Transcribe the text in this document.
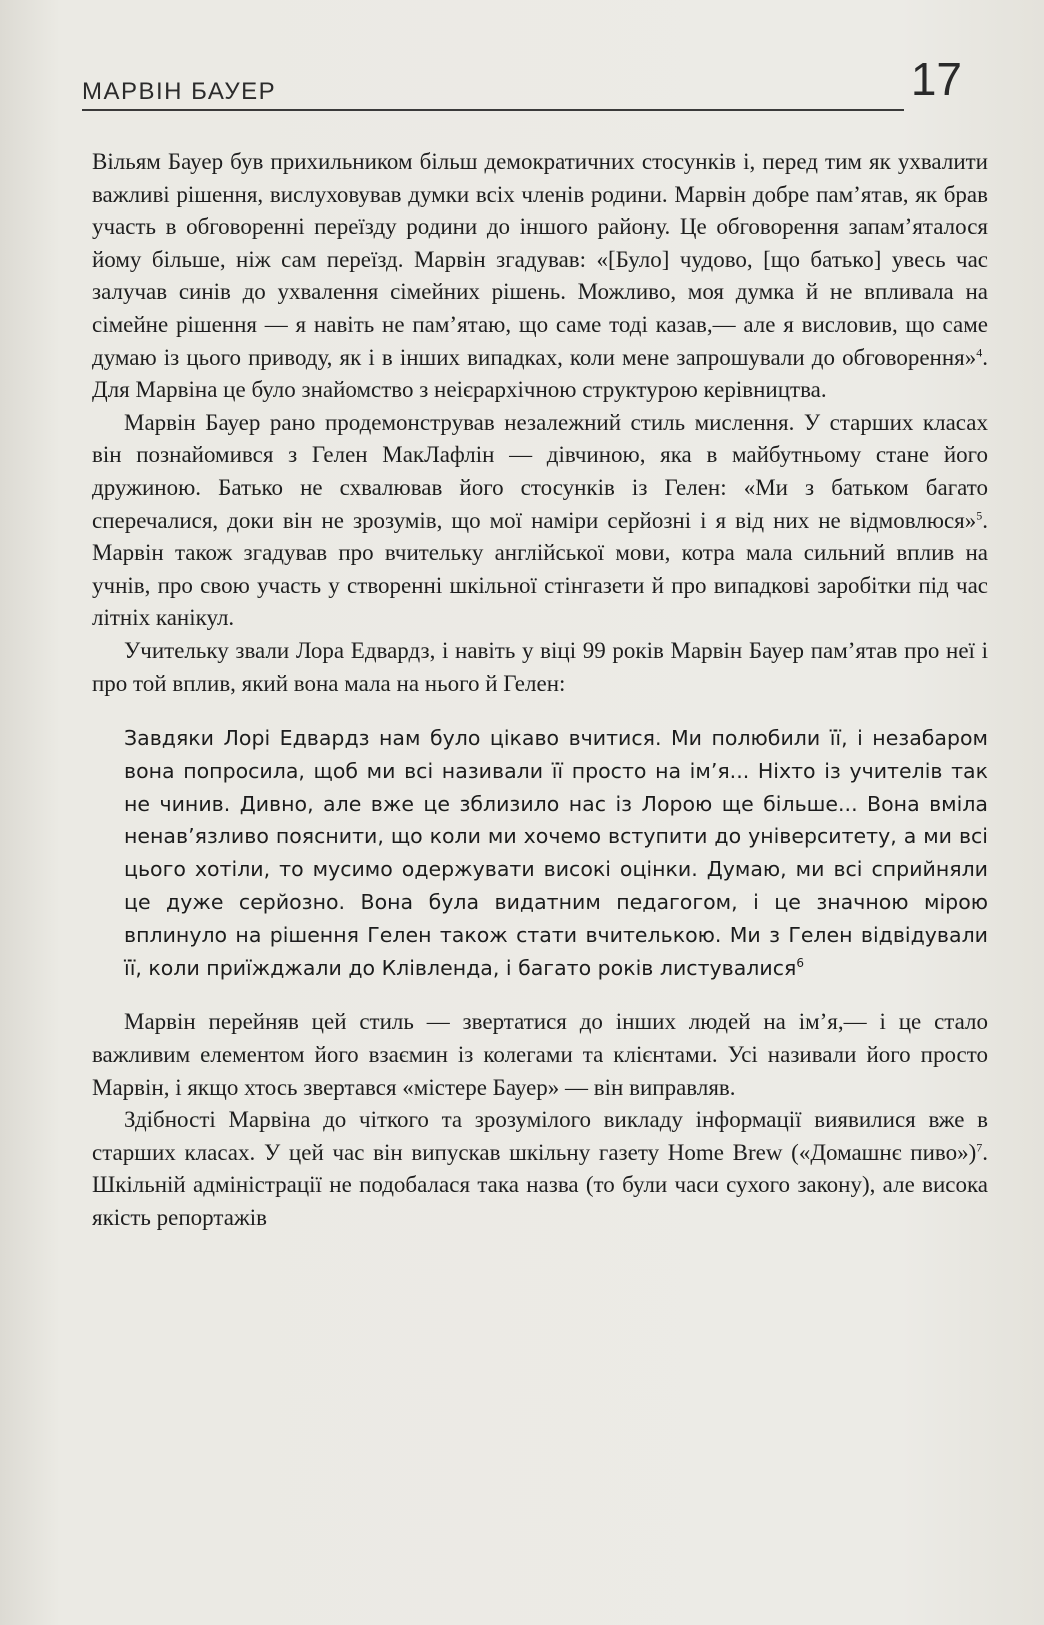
МАРВІН БАУЕР	17

Вільям Бауер був прихильником більш демократичних стосунків і, перед тим як ухвалити важливі рішення, вислуховував думки всіх членів родини. Марвін добре пам’ятав, як брав участь в обговоренні переїзду родини до іншого району. Це обговорення запам’яталося йому більше, ніж сам переїзд. Марвін згадував: «[Було] чудово, [що батько] увесь час залучав синів до ухвалення сімейних рішень. Можливо, моя думка й не впливала на сімейне рішення — я навіть не пам’ятаю, що саме тоді казав,— але я висловив, що саме думаю із цього приводу, як і в інших випадках, коли мене запрошували до обговорення»$^4$. Для Марвіна це було знайомство з неієрархічною структурою керівництва.

Марвін Бауер рано продемонстрував незалежний стиль мислення. У старших класах він познайомився з Гелен МакЛафлін — дівчиною, яка в майбутньому стане його дружиною. Батько не схвалював його стосунків із Гелен: «Ми з батьком багато сперечалися, доки він не зрозумів, що мої наміри серйозні і я від них не відмовлюся»$^5$. Марвін також згадував про вчительку англійської мови, котра мала сильний вплив на учнів, про свою участь у створенні шкільної стінгазети й про випадкові заробітки під час літніх канікул.

Учительку звали Лора Едвардз, і навіть у віці 99 років Марвін Бауер пам’ятав про неї і про той вплив, який вона мала на нього й Гелен:

Завдяки Лорі Едвардз нам було цікаво вчитися. Ми полюбили її, і незабаром вона попросила, щоб ми всі називали її просто на ім’я... Ніхто із учителів так не чинив. Дивно, але вже це зблизило нас із Лорою ще більше... Вона вміла ненав’язливо пояснити, що коли ми хочемо вступити до університету, а ми всі цього хотіли, то мусимо одержувати високі оцінки. Думаю, ми всі сприйняли це дуже серйозно. Вона була видатним педагогом, і це значною мірою вплинуло на рішення Гелен також стати вчителькою. Ми з Гелен відвідували її, коли приїжджали до Клівленда, і багато років листувалися$^6$

Марвін перейняв цей стиль — звертатися до інших людей на ім’я,— і це стало важливим елементом його взаємин із колегами та клієнтами. Усі називали його просто Марвін, і якщо хтось звертався «містере Бауер» — він виправляв.

Здібності Марвіна до чіткого та зрозумілого викладу інформації виявилися вже в старших класах. У цей час він випускав шкільну газету Home Brew («Домашнє пиво»)$^7$. Шкільній адміністрації не подобалася така назва (то були часи сухого закону), але висока якість репортажів
